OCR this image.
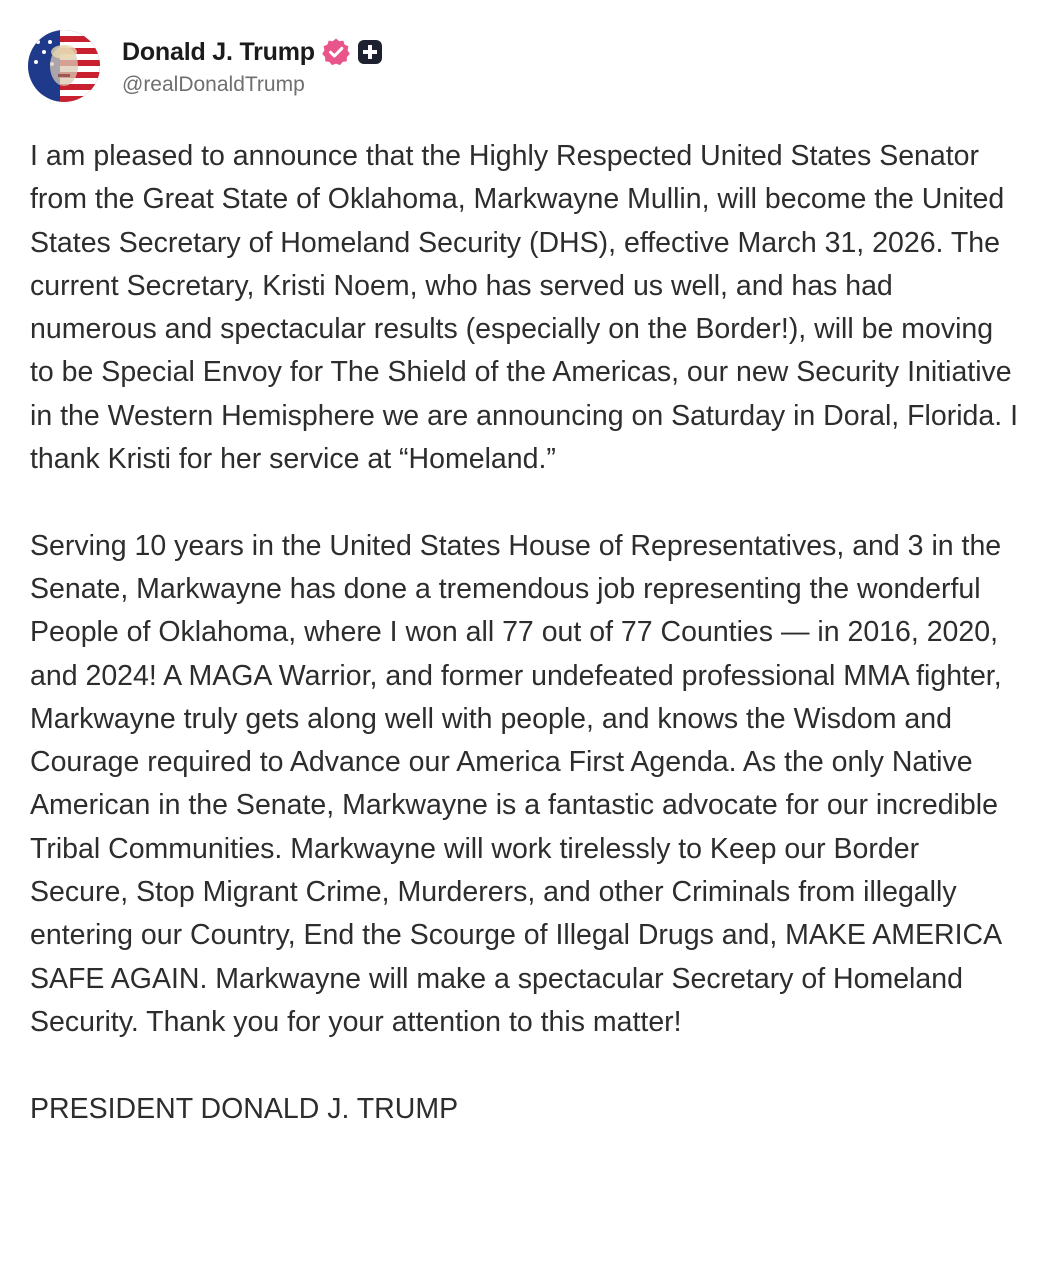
Donald J. Trump
@realDonaldTrump

I am pleased to announce that the Highly Respected United States Senator from the Great State of Oklahoma, Markwayne Mullin, will become the United States Secretary of Homeland Security (DHS), effective March 31, 2026. The current Secretary, Kristi Noem, who has served us well, and has had numerous and spectacular results (especially on the Border!), will be moving to be Special Envoy for The Shield of the Americas, our new Security Initiative in the Western Hemisphere we are announcing on Saturday in Doral, Florida. I thank Kristi for her service at “Homeland.”

Serving 10 years in the United States House of Representatives, and 3 in the Senate, Markwayne has done a tremendous job representing the wonderful People of Oklahoma, where I won all 77 out of 77 Counties — in 2016, 2020, and 2024! A MAGA Warrior, and former undefeated professional MMA fighter, Markwayne truly gets along well with people, and knows the Wisdom and Courage required to Advance our America First Agenda. As the only Native American in the Senate, Markwayne is a fantastic advocate for our incredible Tribal Communities. Markwayne will work tirelessly to Keep our Border Secure, Stop Migrant Crime, Murderers, and other Criminals from illegally entering our Country, End the Scourge of Illegal Drugs and, MAKE AMERICA SAFE AGAIN. Markwayne will make a spectacular Secretary of Homeland Security. Thank you for your attention to this matter!

PRESIDENT DONALD J. TRUMP
